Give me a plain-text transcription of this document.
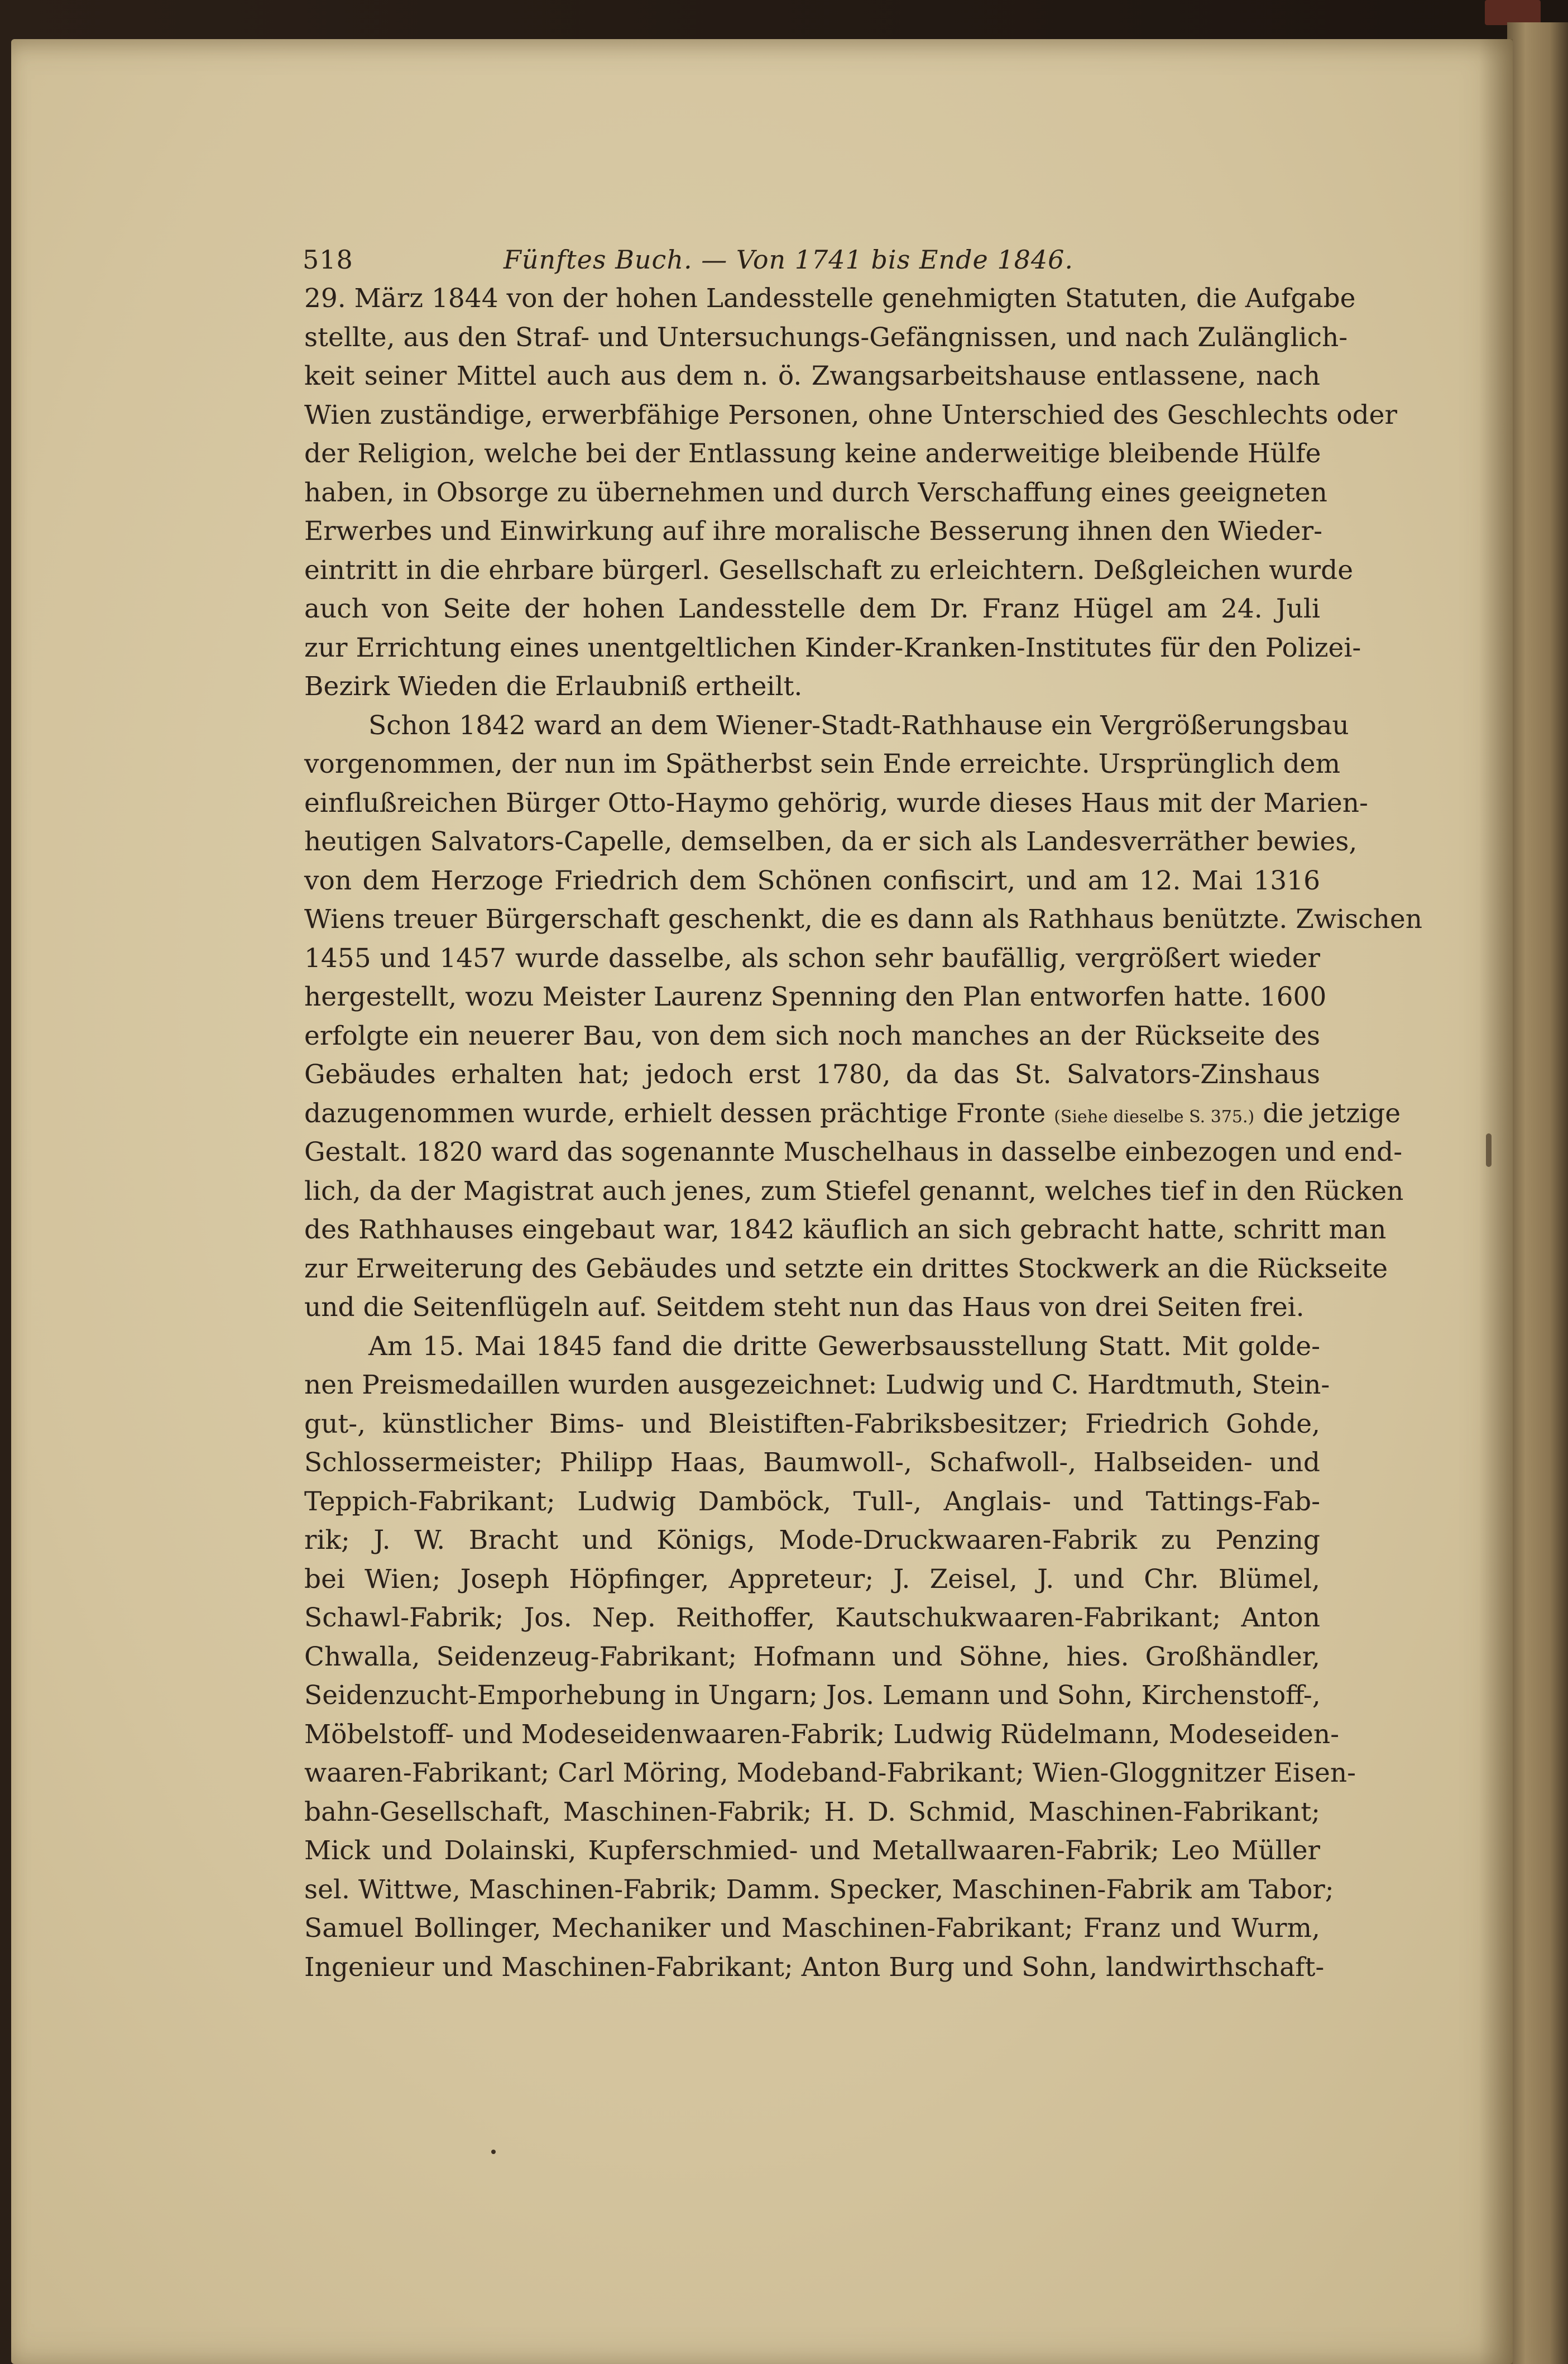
518	Fünftes Buch. — Von 1741 bis Ende 1846.
29. März 1844 von der hohen Landesstelle genehmigten Statuten, die Aufgabe
stellte, aus den Straf- und Untersuchungs-Gefängnissen, und nach Zulänglich-
keit seiner Mittel auch aus dem n. ö. Zwangsarbeitshause entlassene, nach
Wien zuständige, erwerbfähige Personen, ohne Unterschied des Geschlechts oder
der Religion, welche bei der Entlassung keine anderweitige bleibende Hülfe
haben, in Obsorge zu übernehmen und durch Verschaffung eines geeigneten
Erwerbes und Einwirkung auf ihre moralische Besserung ihnen den Wieder-
eintritt in die ehrbare bürgerl. Gesellschaft zu erleichtern. Deßgleichen wurde
auch von Seite der hohen Landesstelle dem Dr. Franz Hügel am 24. Juli
zur Errichtung eines unentgeltlichen Kinder-Kranken-Institutes für den Polizei-
Bezirk Wieden die Erlaubniß ertheilt.
Schon 1842 ward an dem Wiener-Stadt-Rathhause ein Vergrößerungsbau
vorgenommen, der nun im Spätherbst sein Ende erreichte. Ursprünglich dem
einflußreichen Bürger Otto-Haymo gehörig, wurde dieses Haus mit der Marien-
heutigen Salvators-Capelle, demselben, da er sich als Landesverräther bewies,
von dem Herzoge Friedrich dem Schönen confiscirt, und am 12. Mai 1316
Wiens treuer Bürgerschaft geschenkt, die es dann als Rathhaus benützte. Zwischen
1455 und 1457 wurde dasselbe, als schon sehr baufällig, vergrößert wieder
hergestellt, wozu Meister Laurenz Spenning den Plan entworfen hatte. 1600
erfolgte ein neuerer Bau, von dem sich noch manches an der Rückseite des
Gebäudes erhalten hat; jedoch erst 1780, da das St. Salvators-Zinshaus
dazugenommen wurde, erhielt dessen prächtige Fronte (Siehe dieselbe S. 375.) die jetzige
Gestalt. 1820 ward das sogenannte Muschelhaus in dasselbe einbezogen und end-
lich, da der Magistrat auch jenes, zum Stiefel genannt, welches tief in den Rücken
des Rathhauses eingebaut war, 1842 käuflich an sich gebracht hatte, schritt man
zur Erweiterung des Gebäudes und setzte ein drittes Stockwerk an die Rückseite
und die Seitenflügeln auf. Seitdem steht nun das Haus von drei Seiten frei.
Am 15. Mai 1845 fand die dritte Gewerbsausstellung Statt. Mit golde-
nen Preismedaillen wurden ausgezeichnet: Ludwig und C. Hardtmuth, Stein-
gut-, künstlicher Bims- und Bleistiften-Fabriksbesitzer; Friedrich Gohde,
Schlossermeister; Philipp Haas, Baumwoll-, Schafwoll-, Halbseiden- und
Teppich-Fabrikant; Ludwig Damböck, Tull-, Anglais- und Tattings-Fab-
rik; J. W. Bracht und Königs, Mode-Druckwaaren-Fabrik zu Penzing
bei Wien; Joseph Höpfinger, Appreteur; J. Zeisel, J. und Chr. Blümel,
Schawl-Fabrik; Jos. Nep. Reithoffer, Kautschukwaaren-Fabrikant; Anton
Chwalla, Seidenzeug-Fabrikant; Hofmann und Söhne, hies. Großhändler,
Seidenzucht-Emporhebung in Ungarn; Jos. Lemann und Sohn, Kirchenstoff-,
Möbelstoff- und Modeseidenwaaren-Fabrik; Ludwig Rüdelmann, Modeseiden-
waaren-Fabrikant; Carl Möring, Modeband-Fabrikant; Wien-Gloggnitzer Eisen-
bahn-Gesellschaft, Maschinen-Fabrik; H. D. Schmid, Maschinen-Fabrikant;
Mick und Dolainski, Kupferschmied- und Metallwaaren-Fabrik; Leo Müller
sel. Wittwe, Maschinen-Fabrik; Damm. Specker, Maschinen-Fabrik am Tabor;
Samuel Bollinger, Mechaniker und Maschinen-Fabrikant; Franz und Wurm,
Ingenieur und Maschinen-Fabrikant; Anton Burg und Sohn, landwirthschaft-
